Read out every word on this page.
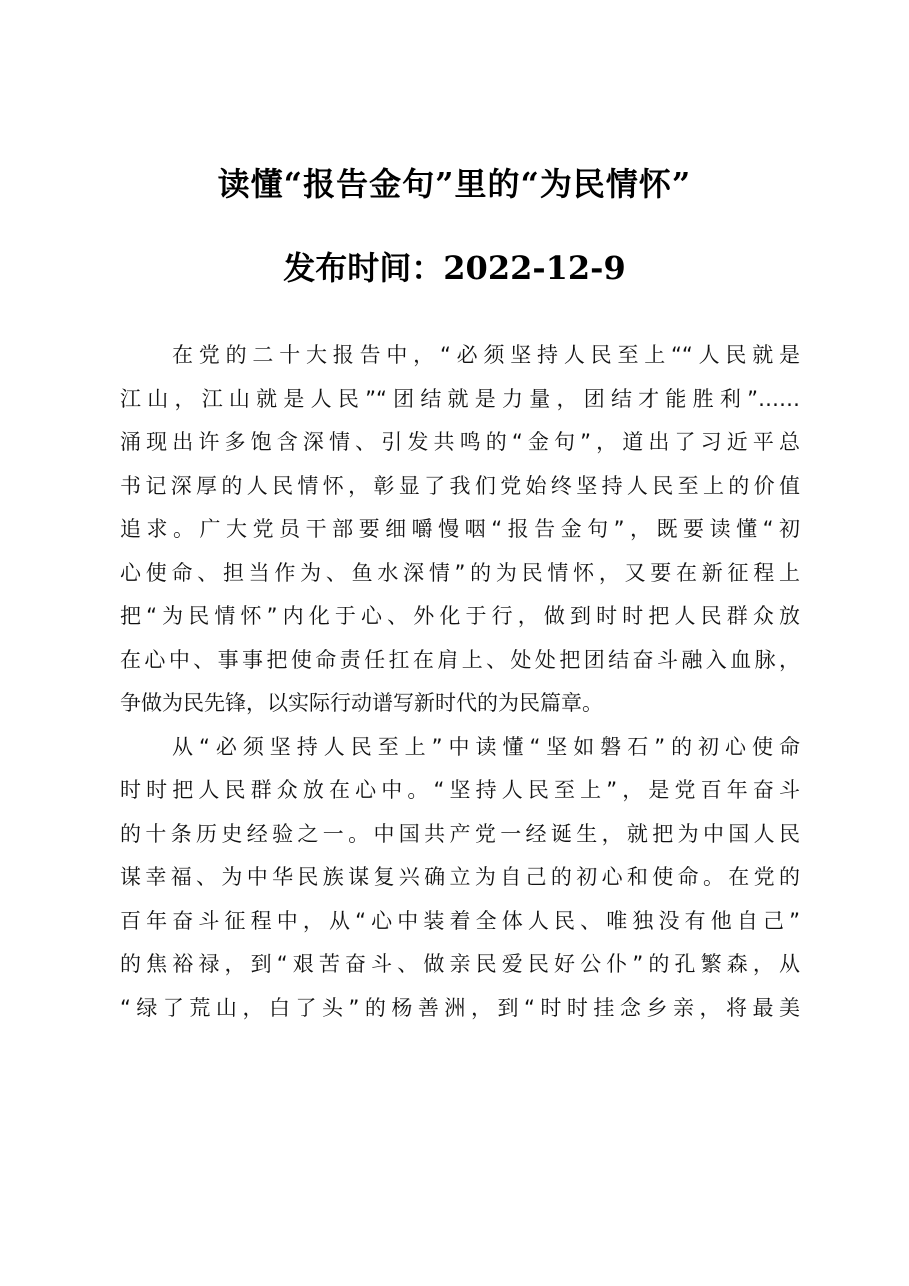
读懂“报告金句”里的“为民情怀”
发布时间：2022-12-9
在党的二十大报告中，“必须坚持人民至上““人民就是
江山，江山就是人民”“团结就是力量，团结才能胜利”……
涌现出许多饱含深情、引发共鸣的“金句”，道出了习近平总
书记深厚的人民情怀，彰显了我们党始终坚持人民至上的价值
追求。广大党员干部要细嚼慢咽“报告金句”，既要读懂“初
心使命、担当作为、鱼水深情”的为民情怀，又要在新征程上
把“为民情怀”内化于心、外化于行，做到时时把人民群众放
在心中、事事把使命责任扛在肩上、处处把团结奋斗融入血脉，
争做为民先锋，以实际行动谱写新时代的为民篇章。
从“必须坚持人民至上”中读懂“坚如磐石”的初心使命
时时把人民群众放在心中。“坚持人民至上”，是党百年奋斗
的十条历史经验之一。中国共产党一经诞生，就把为中国人民
谋幸福、为中华民族谋复兴确立为自己的初心和使命。在党的
百年奋斗征程中，从“心中装着全体人民、唯独没有他自己”
的焦裕禄，到“艰苦奋斗、做亲民爱民好公仆”的孔繁森，从
“绿了荒山，白了头”的杨善洲，到“时时挂念乡亲，将最美
